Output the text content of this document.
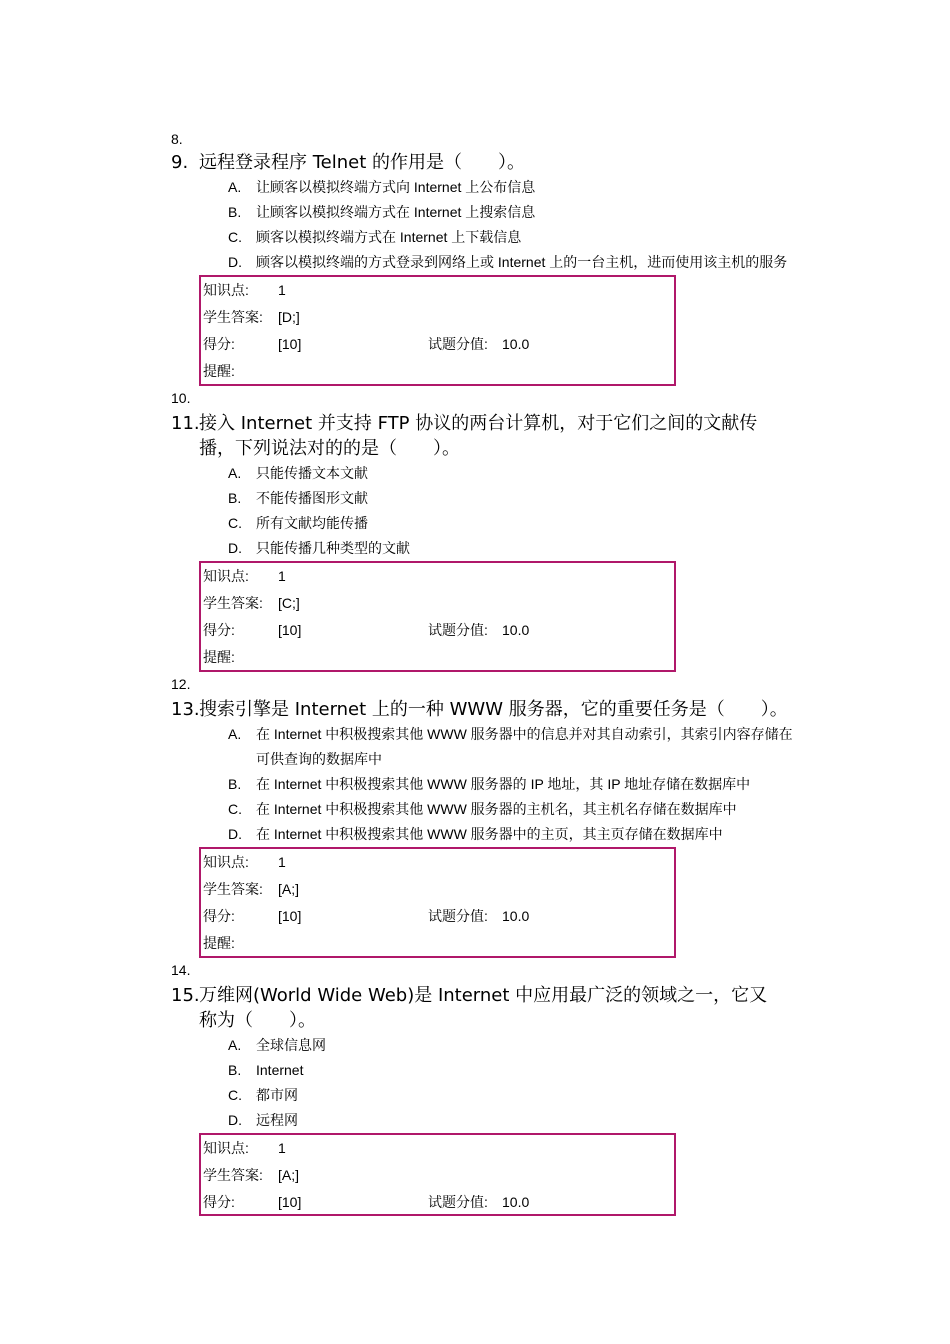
8.
10.
12.
14.
9. 远程登录程序 Telnet 的作用是（　　）。
A.	让顾客以模拟终端方式向 Internet 上公布信息
B.	让顾客以模拟终端方式在 Internet 上搜索信息
C.	顾客以模拟终端方式在 Internet 上下载信息
D.	顾客以模拟终端的方式登录到网络上或 Internet 上的一台主机，进而使用该主机的服务
知识点: 1
学生答案: [D;]
得分:	[10]	试题分值: 10.0
提醒:
11.接入 Internet 并支持 FTP 协议的两台计算机，对于它们之间的文献传
播，下列说法对的的是（　　）。
A.	只能传播文本文献
B.	不能传播图形文献
C.	所有文献均能传播
D.	只能传播几种类型的文献
知识点: 1
学生答案: [C;]
得分:	[10]	试题分值: 10.0
提醒:
13.搜索引擎是 Internet 上的一种 WWW 服务器，它的重要任务是（　　）。
A.	在 Internet 中积极搜索其他 WWW 服务器中的信息并对其自动索引，其索引内容存储在可供查询的数据库中
B.	在 Internet 中积极搜索其他 WWW 服务器的 IP 地址，其 IP 地址存储在数据库中
C.	在 Internet 中积极搜索其他 WWW 服务器的主机名，其主机名存储在数据库中
D.	在 Internet 中积极搜索其他 WWW 服务器中的主页，其主页存储在数据库中
知识点: 1
学生答案: [A;]
得分:	[10]	试题分值: 10.0
提醒:
15.万维网(World Wide Web)是 Internet 中应用最广泛的领域之一，它又
称为（　　）。
A.	全球信息网
B.	Internet
C.	都市网
D.	远程网
知识点: 1
学生答案: [A;]
得分:	[10]	试题分值: 10.0
